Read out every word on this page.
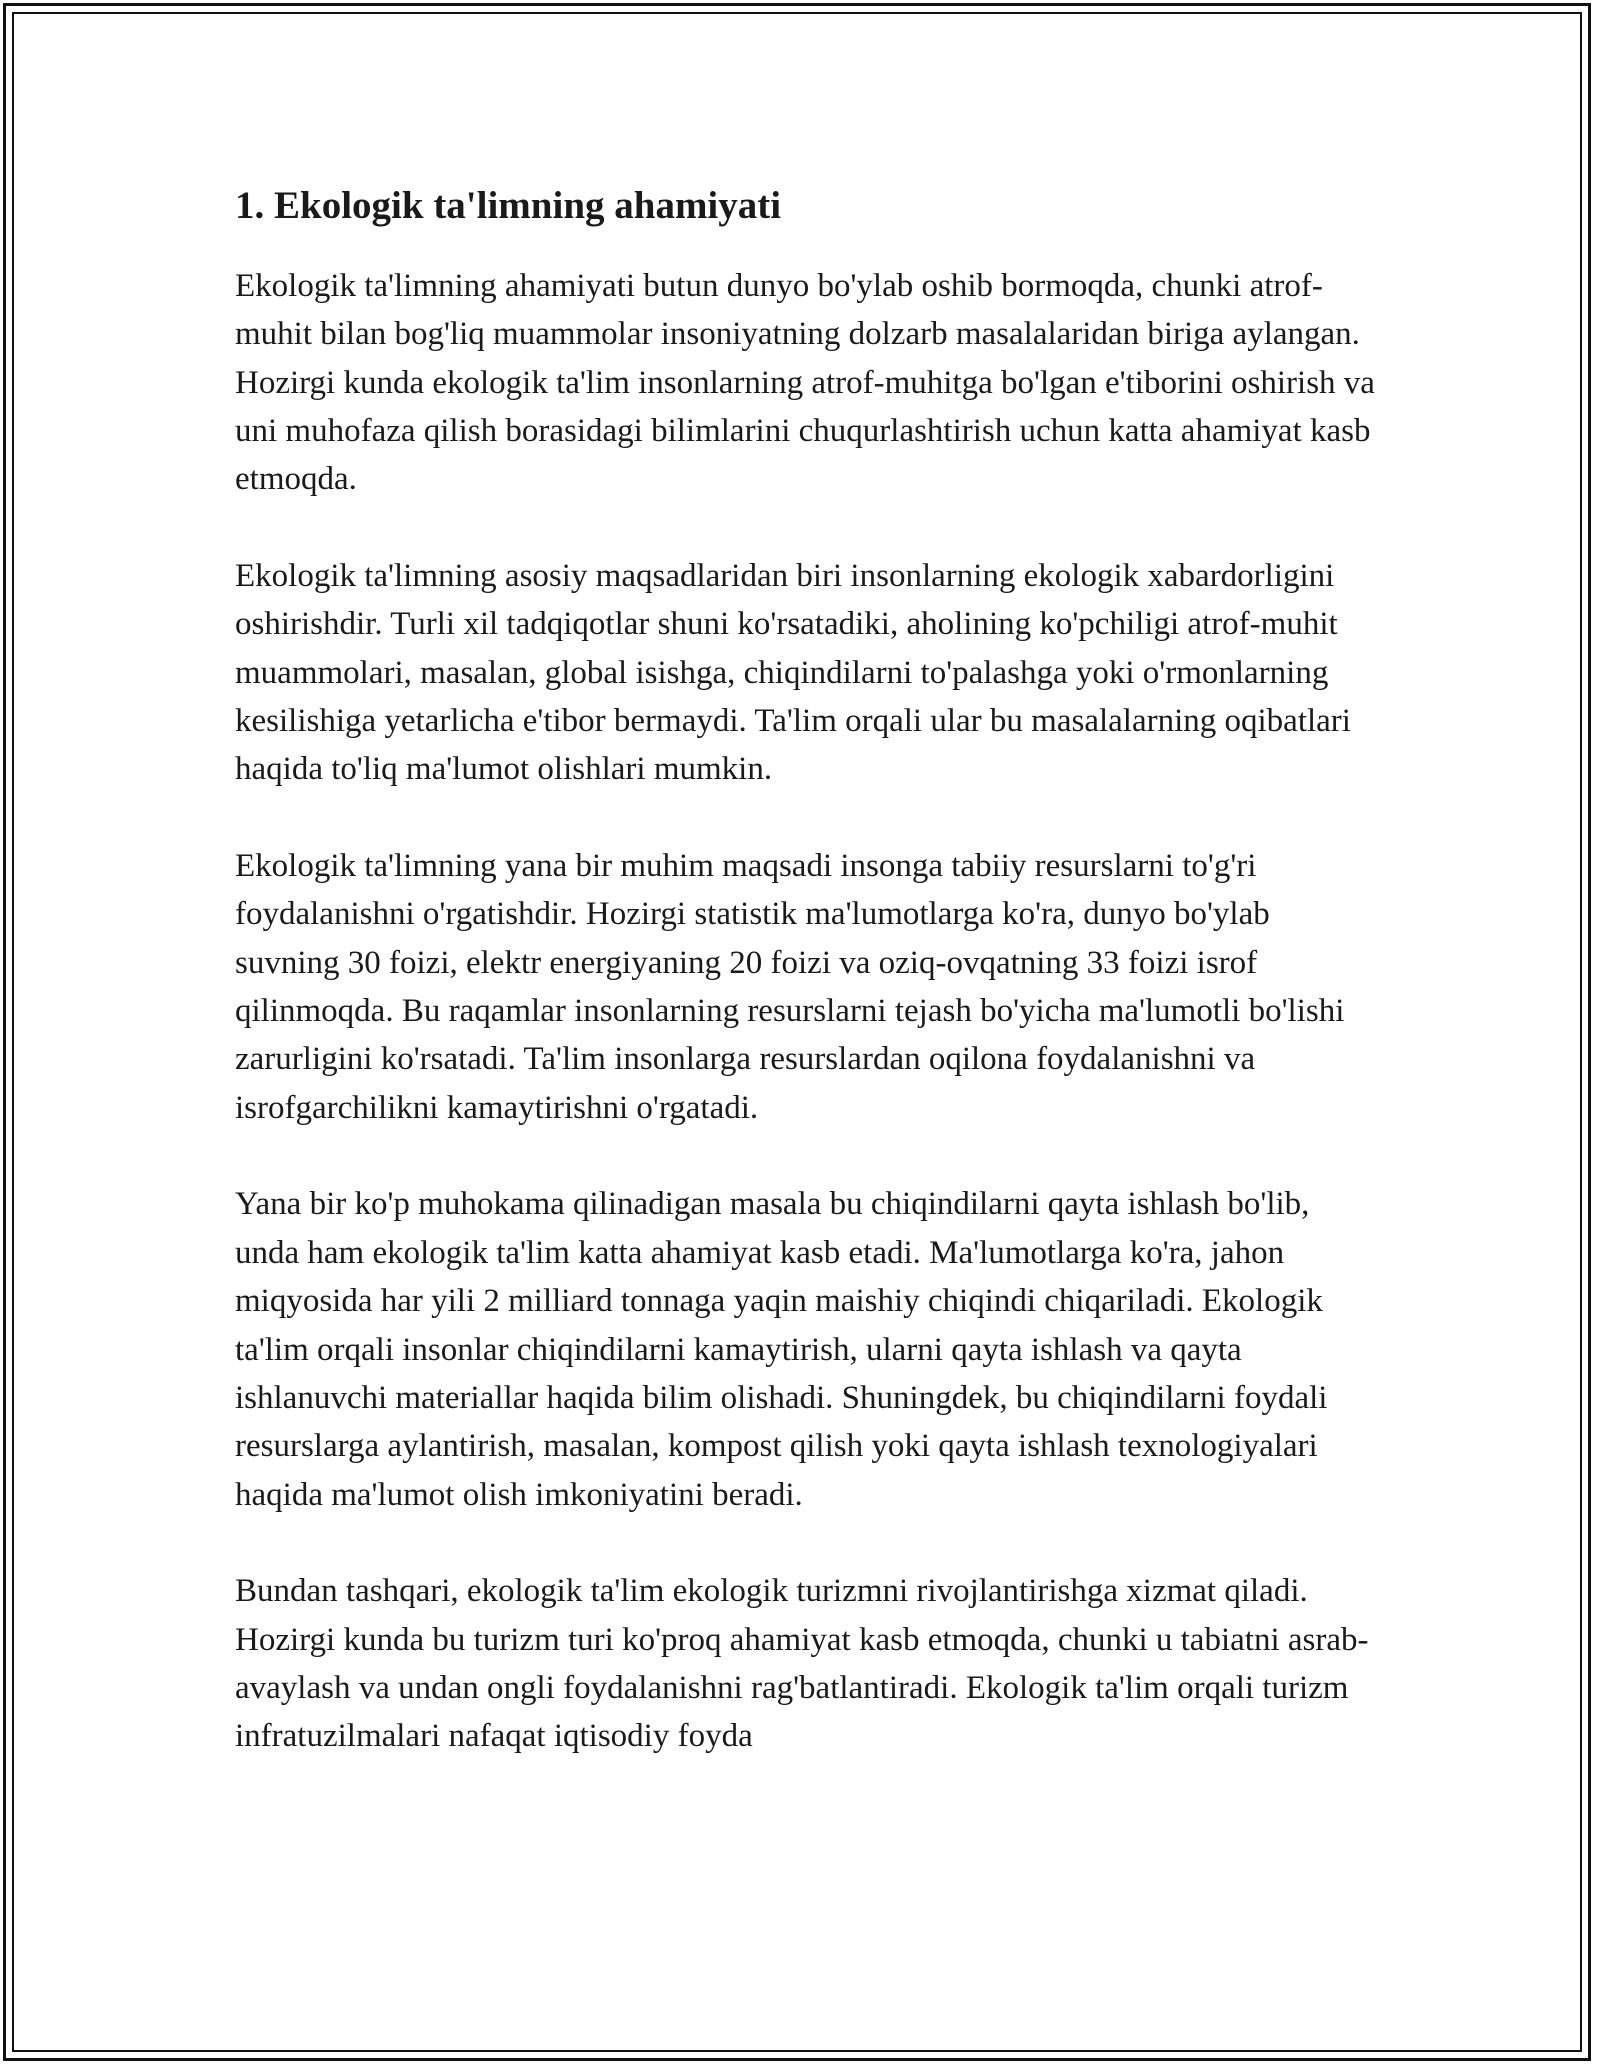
1. Ekologik ta'limning ahamiyati

Ekologik ta'limning ahamiyati butun dunyo bo'ylab oshib bormoqda, chunki atrof-muhit bilan bog'liq muammolar insoniyatning dolzarb masalalaridan biriga aylangan. Hozirgi kunda ekologik ta'lim insonlarning atrof-muhitga bo'lgan e'tiborini oshirish va uni muhofaza qilish borasidagi bilimlarini chuqurlashtirish uchun katta ahamiyat kasb etmoqda.

Ekologik ta'limning asosiy maqsadlaridan biri insonlarning ekologik xabardorligini oshirishdir. Turli xil tadqiqotlar shuni ko'rsatadiki, aholining ko'pchiligi atrof-muhit muammolari, masalan, global isishga, chiqindilarni to'palashga yoki o'rmonlarning kesilishiga yetarlicha e'tibor bermaydi. Ta'lim orqali ular bu masalalarning oqibatlari haqida to'liq ma'lumot olishlari mumkin.

Ekologik ta'limning yana bir muhim maqsadi insonga tabiiy resurslarni to'g'ri foydalanishni o'rgatishdir. Hozirgi statistik ma'lumotlarga ko'ra, dunyo bo'ylab suvning 30 foizi, elektr energiyaning 20 foizi va oziq-ovqatning 33 foizi isrof qilinmoqda. Bu raqamlar insonlarning resurslarni tejash bo'yicha ma'lumotli bo'lishi zarurligini ko'rsatadi. Ta'lim insonlarga resurslardan oqilona foydalanishni va isrofgarchilikni kamaytirishni o'rgatadi.

Yana bir ko'p muhokama qilinadigan masala bu chiqindilarni qayta ishlash bo'lib, unda ham ekologik ta'lim katta ahamiyat kasb etadi. Ma'lumotlarga ko'ra, jahon miqyosida har yili 2 milliard tonnaga yaqin maishiy chiqindi chiqariladi. Ekologik ta'lim orqali insonlar chiqindilarni kamaytirish, ularni qayta ishlash va qayta ishlanuvchi materiallar haqida bilim olishadi. Shuningdek, bu chiqindilarni foydali resurslarga aylantirish, masalan, kompost qilish yoki qayta ishlash texnologiyalari haqida ma'lumot olish imkoniyatini beradi.

Bundan tashqari, ekologik ta'lim ekologik turizmni rivojlantirishga xizmat qiladi. Hozirgi kunda bu turizm turi ko'proq ahamiyat kasb etmoqda, chunki u tabiatni asrab-avaylash va undan ongli foydalanishni rag'batlantiradi. Ekologik ta'lim orqali turizm infratuzilmalari nafaqat iqtisodiy foyda
